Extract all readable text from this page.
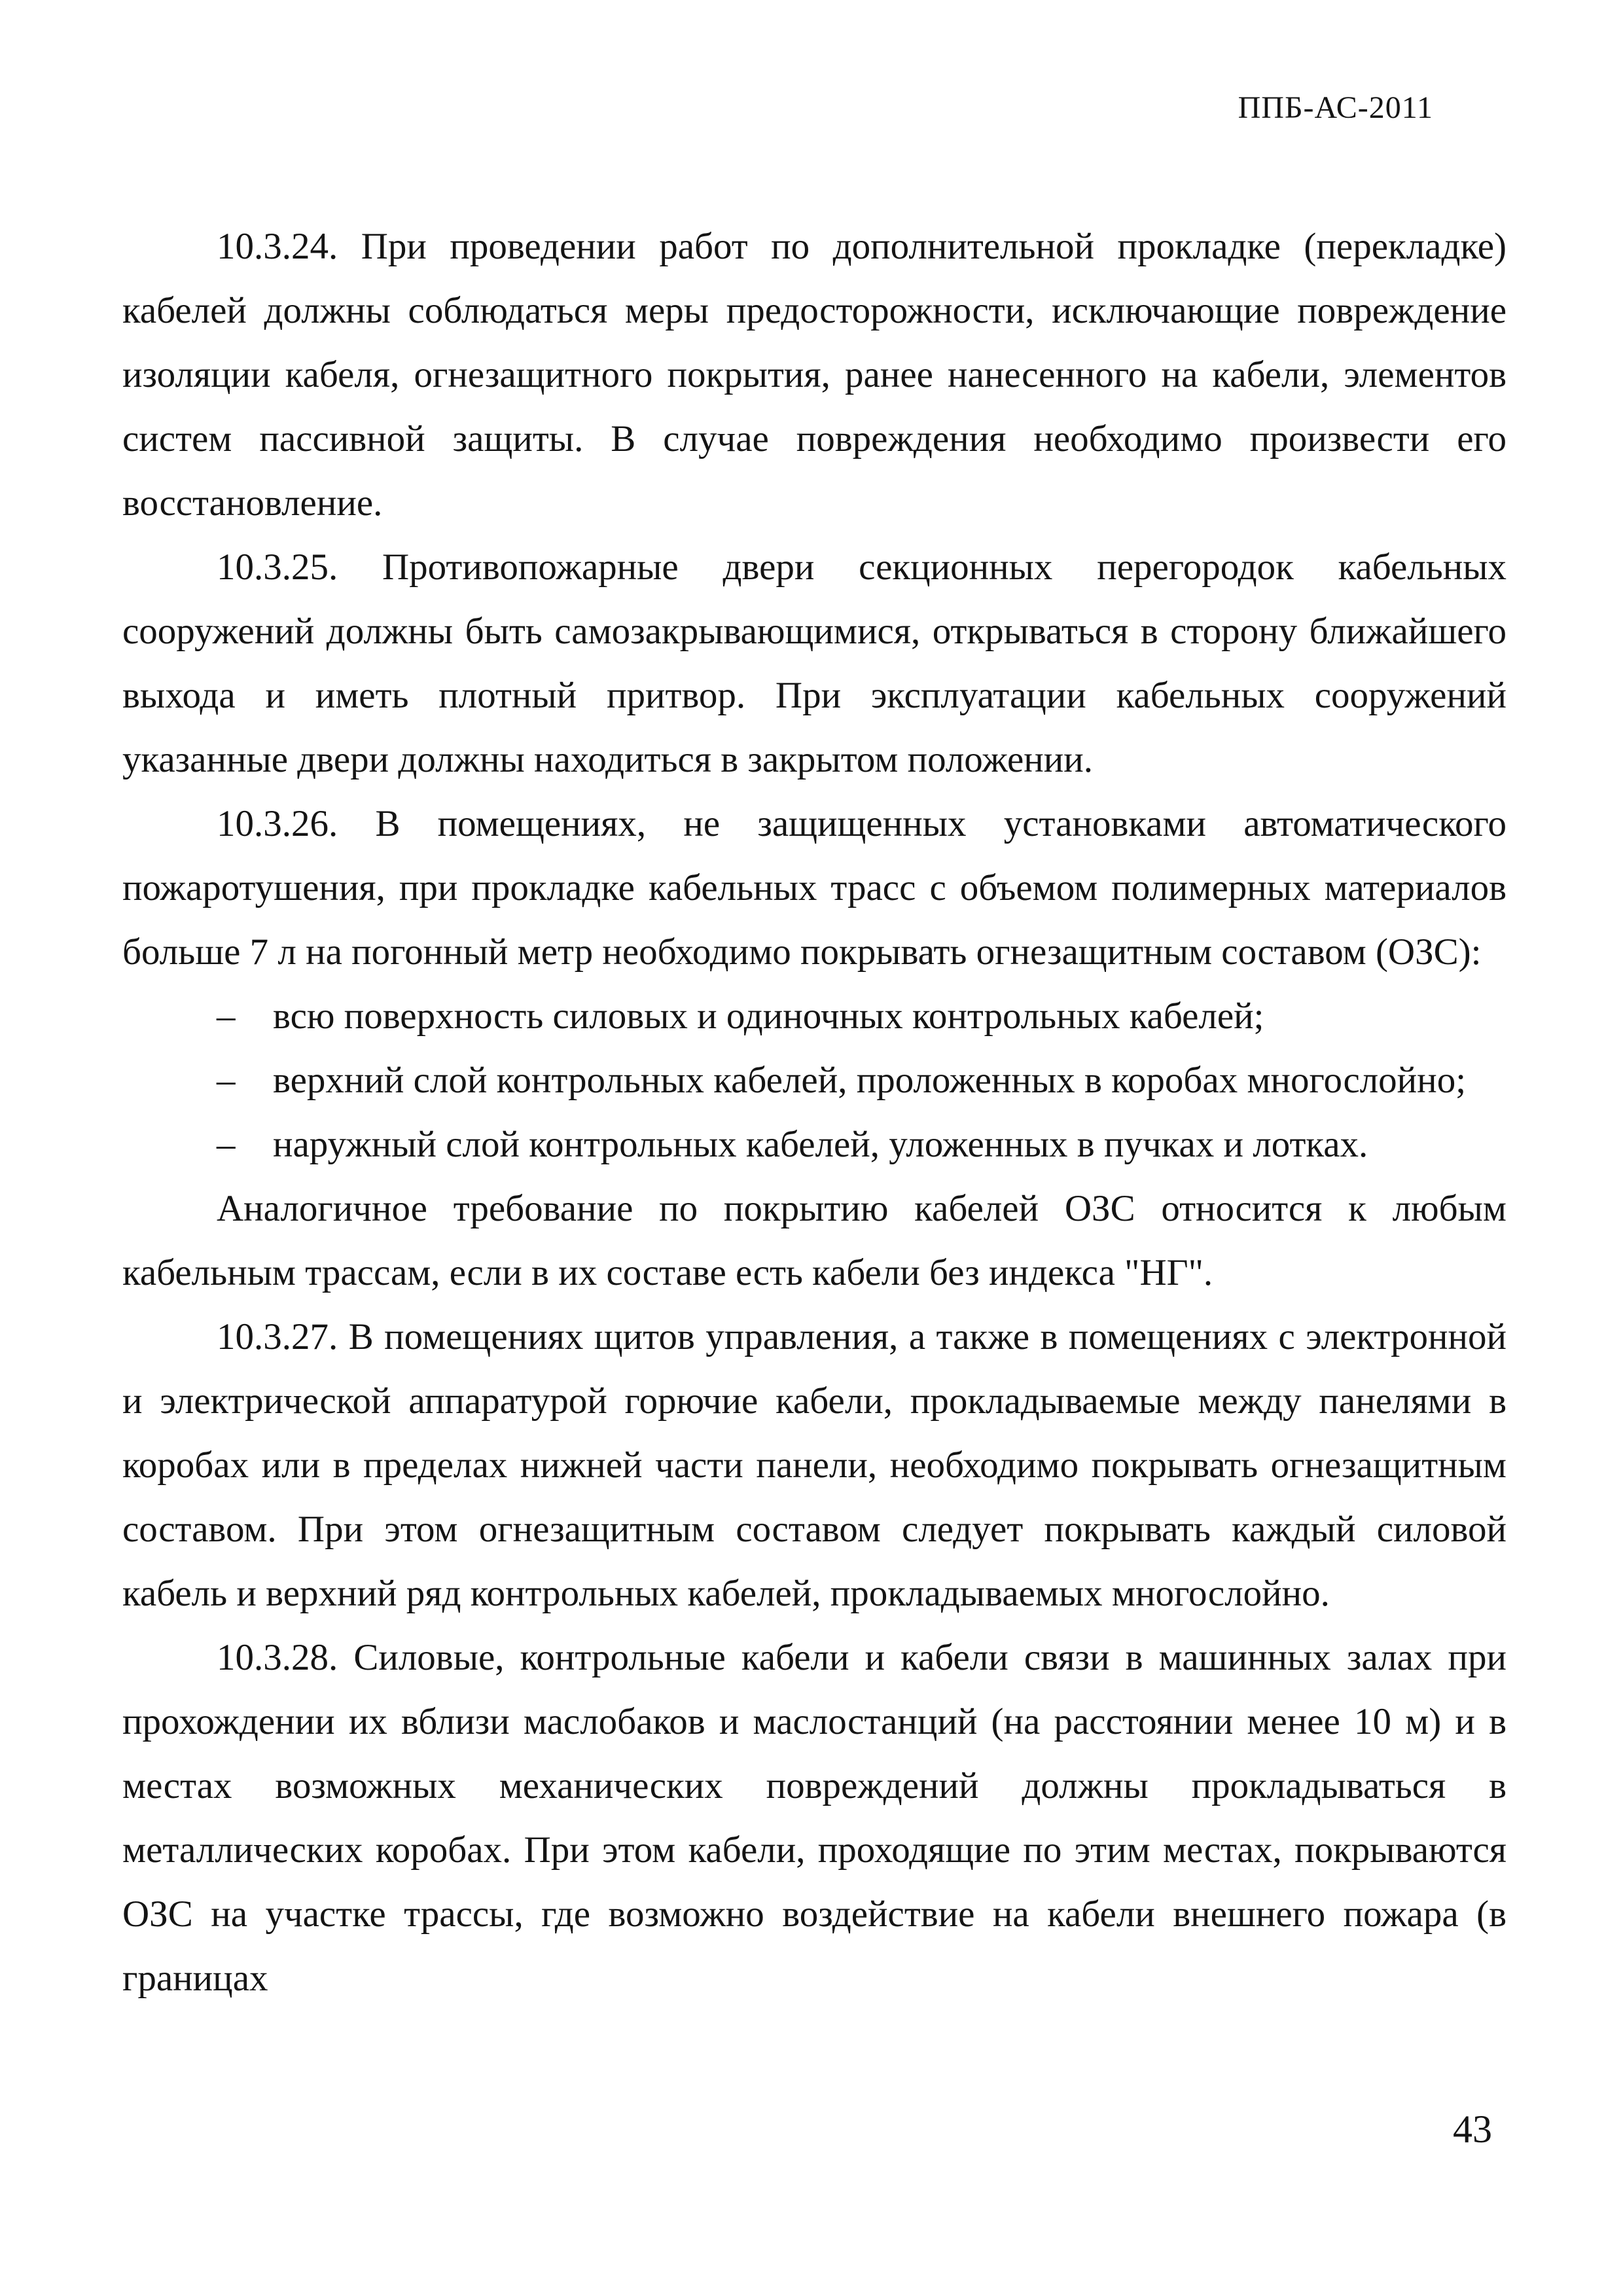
ППБ-АС-2011

10.3.24. При проведении работ по дополнительной прокладке (перекладке) кабелей должны соблюдаться меры предосторожности, исключающие повреждение изоляции кабеля, огнезащитного покрытия, ранее нанесенного на кабели, элементов систем пассивной защиты. В случае повреждения необходимо произвести его восстановление.

10.3.25. Противопожарные двери секционных перегородок кабельных сооружений должны быть самозакрывающимися, открываться в сторону ближайшего выхода и иметь плотный притвор. При эксплуатации кабельных сооружений указанные двери должны находиться в закрытом положении.

10.3.26. В помещениях, не защищенных установками автоматического пожаротушения, при прокладке кабельных трасс с объемом полимерных материалов больше 7 л на погонный метр необходимо покрывать огнезащитным составом (ОЗС):

– всю поверхность силовых и одиночных контрольных кабелей;
– верхний слой контрольных кабелей, проложенных в коробах многослойно;
– наружный слой контрольных кабелей, уложенных в пучках и лотках.

Аналогичное требование по покрытию кабелей ОЗС относится к любым кабельным трассам, если в их составе есть кабели без индекса "НГ".

10.3.27. В помещениях щитов управления, а также в помещениях с электронной и электрической аппаратурой горючие кабели, прокладываемые между панелями в коробах или в пределах нижней части панели, необходимо покрывать огнезащитным составом. При этом огнезащитным составом следует покрывать каждый силовой кабель и верхний ряд контрольных кабелей, прокладываемых многослойно.

10.3.28. Силовые, контрольные кабели и кабели связи в машинных залах при прохождении их вблизи маслобаков и маслостанций (на расстоянии менее 10 м) и в местах возможных механических повреждений должны прокладываться в металлических коробах. При этом кабели, проходящие по этим местах, покрываются ОЗС на участке трассы, где возможно воздействие на кабели внешнего пожара (в границах

43
